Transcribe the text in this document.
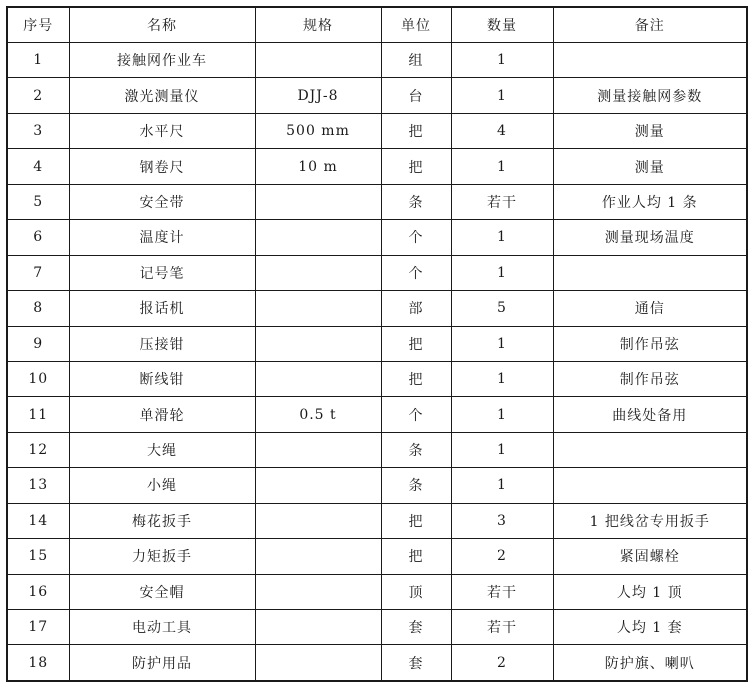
序号	名称	规格	单位	数量	备注
1	接触网作业车		组	1	
2	激光测量仪	DJJ-8	台	1	测量接触网参数
3	水平尺	500 mm	把	4	测量
4	钢卷尺	10 m	把	1	测量
5	安全带		条	若干	作业人均 1 条
6	温度计		个	1	测量现场温度
7	记号笔		个	1	
8	报话机		部	5	通信
9	压接钳		把	1	制作吊弦
10	断线钳		把	1	制作吊弦
11	单滑轮	0.5 t	个	1	曲线处备用
12	大绳		条	1	
13	小绳		条	1	
14	梅花扳手		把	3	1 把线岔专用扳手
15	力矩扳手		把	2	紧固螺栓
16	安全帽		顶	若干	人均 1 顶
17	电动工具		套	若干	人均 1 套
18	防护用品		套	2	防护旗、喇叭
